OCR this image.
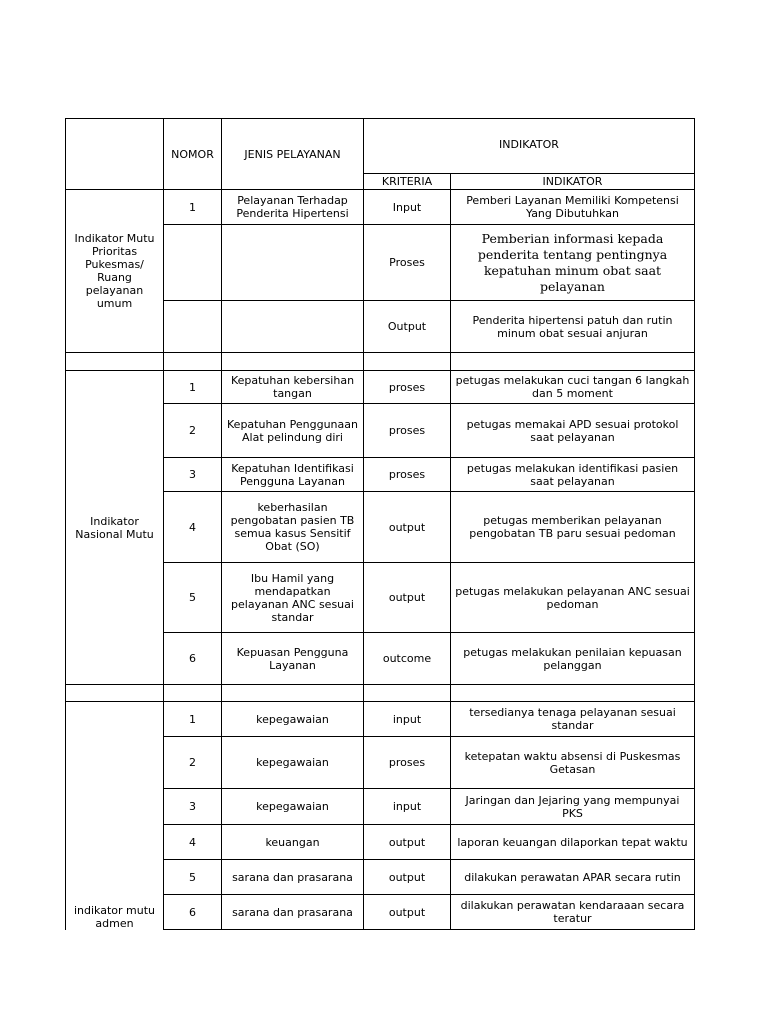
	NOMOR	JENIS PELAYANAN	INDIKATOR	
			KRITERIA	INDIKATOR
Indikator Mutu Prioritas Pukesmas/ Ruang pelayanan umum	1	Pelayanan Terhadap Penderita Hipertensi	Input	Pemberi Layanan Memiliki Kompetensi Yang Dibutuhkan
			Proses	Pemberian informasi kepada penderita tentang pentingnya kepatuhan minum obat saat pelayanan
			Output	Penderita hipertensi patuh dan rutin minum obat sesuai anjuran

Indikator Nasional Mutu	1	Kepatuhan kebersihan tangan	proses	petugas melakukan cuci tangan 6 langkah dan 5 moment
	2	Kepatuhan Penggunaan Alat pelindung diri	proses	petugas memakai APD sesuai protokol saat pelayanan
	3	Kepatuhan Identifikasi Pengguna Layanan	proses	petugas melakukan identifikasi pasien saat pelayanan
	4	keberhasilan pengobatan pasien TB semua kasus Sensitif Obat (SO)	output	petugas memberikan pelayanan pengobatan TB paru sesuai pedoman
	5	Ibu Hamil yang mendapatkan pelayanan ANC sesuai standar	output	petugas melakukan pelayanan ANC sesuai pedoman
	6	Kepuasan Pengguna Layanan	outcome	petugas melakukan penilaian kepuasan pelanggan

indikator mutu admen	1	kepegawaian	input	tersedianya tenaga pelayanan sesuai standar
	2	kepegawaian	proses	ketepatan waktu absensi di Puskesmas Getasan
	3	kepegawaian	input	Jaringan dan Jejaring yang mempunyai PKS
	4	keuangan	output	laporan keuangan dilaporkan tepat waktu
	5	sarana dan prasarana	output	dilakukan perawatan APAR secara rutin
	6	sarana dan prasarana	output	dilakukan perawatan kendaraaan secara teratur
